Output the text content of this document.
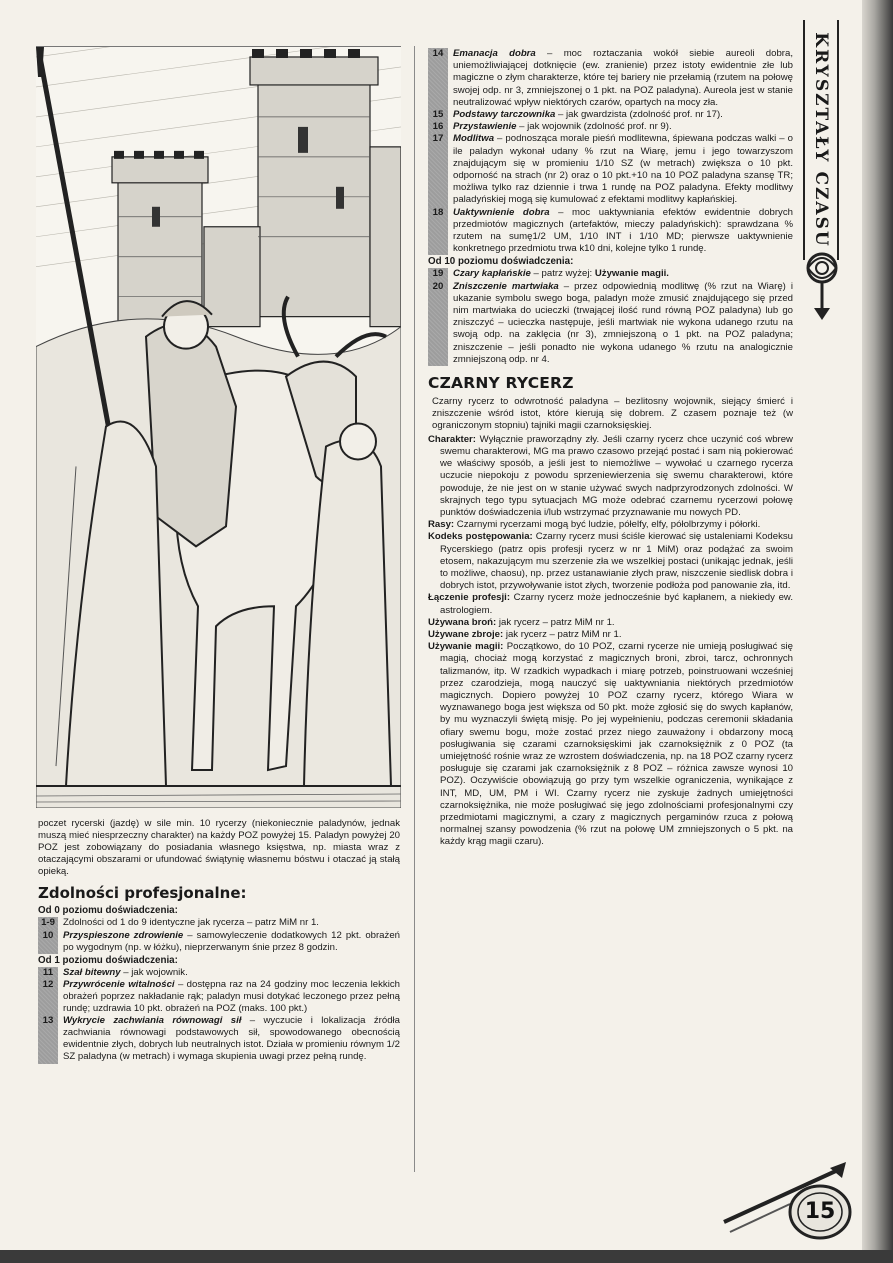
poczet rycerski (jazdę) w sile min. 10 rycerzy (niekoniecznie paladynów, jednak muszą mieć niesprzeczny charakter) na każdy POZ powyżej 15. Paladyn powyżej 20 POZ jest zobowiązany do posiadania własnego księstwa, np. miasta wraz z otaczającymi obszarami or ufundować świątynię własnemu bóstwu i otaczać ją stałą opieką.

Zdolności profesjonalne:
Od 0 poziomu doświadczenia:
1-9 Zdolności od 1 do 9 identyczne jak rycerza – patrz MiM nr 1.
10	Przyspieszone zdrowienie – samowyleczenie dodatkowych 12 pkt. obrażeń po wygodnym (np. w łóżku), nieprzerwanym śnie przez 8 godzin.
Od 1 poziomu doświadczenia:
11	Szał bitewny – jak wojownik.
12	Przywrócenie witalności – dostępna raz na 24 godziny moc leczenia lekkich obrażeń poprzez nakładanie rąk; paladyn musi dotykać leczonego przez pełną rundę; uzdrawia 10 pkt. obrażeń na POZ (maks. 100 pkt.)
13	Wykrycie zachwiania równowagi sił – wyczucie i lokalizacja źródła zachwiania równowagi podstawowych sił, spowodowanego obecnością ewidentnie złych, dobrych lub neutralnych istot. Działa w promieniu równym 1/2 SZ paladyna (w metrach) i wymaga skupienia uwagi przez pełną rundę.
14	Emanacja dobra – moc roztaczania wokół siebie aureoli dobra, uniemożliwiającej dotknięcie (ew. zranienie) przez istoty ewidentnie złe lub magiczne o złym charakterze, które tej bariery nie przełamią (rzutem na połowę swojej odp. nr 3, zmniejszonej o 1 pkt. na POZ paladyna). Aureola jest w stanie neutralizować wpływ niektórych czarów, opartych na mocy zła.
15	Podstawy tarczownika – jak gwardzista (zdolność prof. nr 17).
16	Przystawienie – jak wojownik (zdolność prof. nr 9).
17	Modlitwa – podnosząca morale pieśń modlitewna, śpiewana podczas walki – o ile paladyn wykonał udany % rzut na Wiarę, jemu i jego towarzyszom znajdującym się w promieniu 1/10 SZ (w metrach) zwiększa o 10 pkt. odporność na strach (nr 2) oraz o 10 pkt.+10 na 10 POZ paladyna szansę TR; możliwa tylko raz dziennie i trwa 1 rundę na POZ paladyna. Efekty modlitwy paladyńskiej mogą się kumulować z efektami modlitwy kapłańskiej.
18	Uaktywnienie dobra – moc uaktywniania efektów ewidentnie dobrych przedmiotów magicznych (artefaktów, mieczy paladyńskich): sprawdzana % rzutem na sumę1/2 UM, 1/10 INT i 1/10 MD; pierwsze uaktywnienie konkretnego przedmiotu trwa k10 dni, kolejne tylko 1 rundę.
Od 10 poziomu doświadczenia:
19	Czary kapłańskie – patrz wyżej: Używanie magii.
20	Zniszczenie martwiaka – przez odpowiednią modlitwę (% rzut na Wiarę) i ukazanie symbolu swego boga, paladyn może zmusić znajdującego się przed nim martwiaka do ucieczki (trwającej ilość rund równą POZ paladyna) lub go zniszczyć – ucieczka następuje, jeśli martwiak nie wykona udanego rzutu na swoją odp. na zaklęcia (nr 3), zmniejszoną o 1 pkt. na POZ paladyna; zniszczenie – jeśli ponadto nie wykona udanego % rzutu na analogicznie zmniejszoną odp. nr 4.
CZARNY RYCERZ

Czarny rycerz to odwrotność paladyna – bezlitosny wojownik, siejący śmierć i zniszczenie wśród istot, które kierują się dobrem. Z czasem poznaje też (w ograniczonym stopniu) tajniki magii czarnoksięskiej.

Charakter: Wyłącznie praworządny zły. Jeśli czarny rycerz chce uczynić coś wbrew swemu charakterowi, MG ma prawo czasowo przejąć postać i sam nią pokierować we właściwy sposób, a jeśli jest to niemożliwe – wywołać u czarnego rycerza uczucie niepokoju z powodu sprzeniewierzenia się swemu charakterowi, które powoduje, że nie jest on w stanie używać swych nadprzyrodzonych zdolności. W skrajnych tego typu sytuacjach MG może odebrać czarnemu rycerzowi połowę punktów doświadczenia i/lub wstrzymać przyznawanie mu nowych PD.

Rasy: Czarnymi rycerzami mogą być ludzie, półelfy, elfy, półolbrzymy i półorki.

Kodeks postępowania: Czarny rycerz musi ściśle kierować się ustaleniami Kodeksu Rycerskiego (patrz opis profesji rycerz w nr 1 MiM) oraz podążać za swoim etosem, nakazującym mu szerzenie zła we wszelkiej postaci (unikając jednak, jeśli to możliwe, chaosu), np. przez ustanawianie złych praw, niszczenie siedlisk dobra i dobrych istot, przywoływanie istot złych, tworzenie podłoża pod panowanie zła, itd.

Łączenie profesji: Czarny rycerz może jednocześnie być kapłanem, a niekiedy ew. astrologiem.

Używana broń: jak rycerz – patrz MiM nr 1.

Używane zbroje: jak rycerz – patrz MiM nr 1.

Używanie magii: Początkowo, do 10 POZ, czarni rycerze nie umieją posługiwać się magią, chociaż mogą korzystać z magicznych broni, zbroi, tarcz, ochronnych talizmanów, itp. W rzadkich wypadkach i miarę potrzeb, poinstruowani wcześniej przez czarodzieja, mogą nauczyć się uaktywniania niektórych przedmiotów magicznych. Dopiero powyżej 10 POZ czarny rycerz, którego Wiara w wyznawanego boga jest większa od 50 pkt. może zgłosić się do swych kapłanów, by mu wyznaczyli świętą misję. Po jej wypełnieniu, podczas ceremonii składania ofiary swemu bogu, może zostać przez niego zauważony i obdarzony mocą posługiwania się czarami czarnoksięskimi jak czarnoksiężnik z 0 POZ (ta umiejętność rośnie wraz ze wzrostem doświadczenia, np. na 18 POZ czarny rycerz posługuje się czarami jak czarnoksiężnik z 8 POZ – różnica zawsze wynosi 10 POZ). Oczywiście obowiązują go przy tym wszelkie ograniczenia, wynikające z INT, MD, UM, PM i WI. Czarny rycerz nie zyskuje żadnych umiejętności czarnoksiężnika, nie może posługiwać się jego zdolnościami profesjonalnymi czy przedmiotami magicznymi, a czary z magicznych pergaminów rzuca z połową normalnej szansy powodzenia (% rzut na połowę UM zmniejszonych o 5 pkt. na każdy krąg magii czaru).

KRYSZTAŁY CZASU
15
